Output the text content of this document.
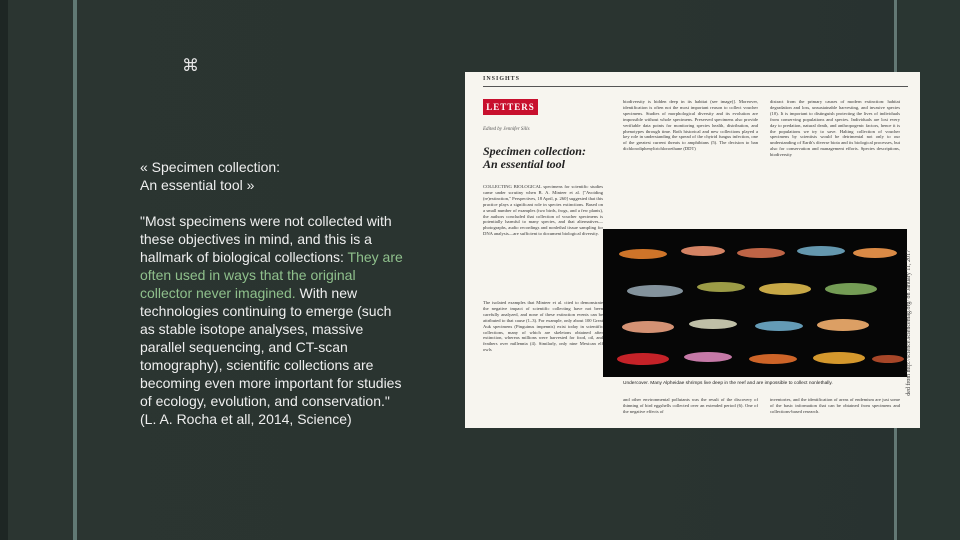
⌘
« Specimen collection:
An essential tool »
"Most specimens were not collected with these objectives in mind, and this is a hallmark of biological collections: They are often used in ways that the original collector never imagined. With new technologies continuing to emerge (such as stable isotope analyses, massive parallel sequencing, and CT-scan tomography), scientific collections are becoming even more important for studies of ecology, evolution, and conservation." (L. A. Rocha et all, 2014, Science)
INSIGHTS
LETTERS
Edited by Jennifer Sills
Specimen collection: An essential tool
COLLECTING BIOLOGICAL specimens for scientific studies came under scrutiny when B. A. Minteer et al. ["Avoiding (re)extinction," Perspectives, 18 April, p. 260] suggested that this practice plays a significant role in species extinctions. Based on a small number of examples (two birds, frogs, and a few plants), the authors concluded that collection of voucher specimens is potentially harmful to many species, and that alternatives—photographs, audio recordings and nonlethal tissue sampling for DNA analysis—are sufficient to document biological diversity.
The isolated examples that Minteer et al. cited to demonstrate the negative impact of scientific collecting have not been carefully analyzed, and none of these extinction events can be attributed to that cause (1–3). For example, only about 100 Great Auk specimens (Pinguinus impennis) exist today in scientific collections, many of which are skeletons obtained after extinction, whereas millions were harvested for food, oil, and feathers over millennia (4). Similarly, only nine Mexican elf owls
biodiversity is hidden deep in its habitat (see image)]. Moreover, identification is often not the most important reason to collect voucher specimens. Studies of morphological diversity and its evolution are impossible without whole specimens. Preserved specimens also provide verifiable data points for monitoring species health, distribution, and phenotypes through time. Both historical and new collections played a key role in understanding the spread of the chytrid fungus infection, one of the greatest current threats to amphibians (5). The decision to ban dichlorodiphenyltrichloroethane (DDT)
distract from the primary causes of modern extinction: habitat degradation and loss, unsustainable harvesting, and invasive species (10). It is important to distinguish protecting the lives of individuals from conserving populations and species. Individuals are lost every day to predation, natural death, and anthropogenic factors, hence it is the populations we try to save. Halting collection of voucher specimens by scientists would be detrimental not only to our understanding of Earth's diverse biota and its biological processes, but also for conservation and management efforts. Species descriptions, biodiversity
Undercover. Many Alpheidae shrimps live deep in the reef and are impossible to collect nonlethally.
and other environmental pollutants was the result of the discovery of thinning of bird eggshells collected over an extended period (6). One of the negative effects of
inventories, and the identification of areas of endemism are just some of the basic information that can be obtained from specimens and collections-based research.
ded from http://science.sciencemag.org/ on January 11, 2017
